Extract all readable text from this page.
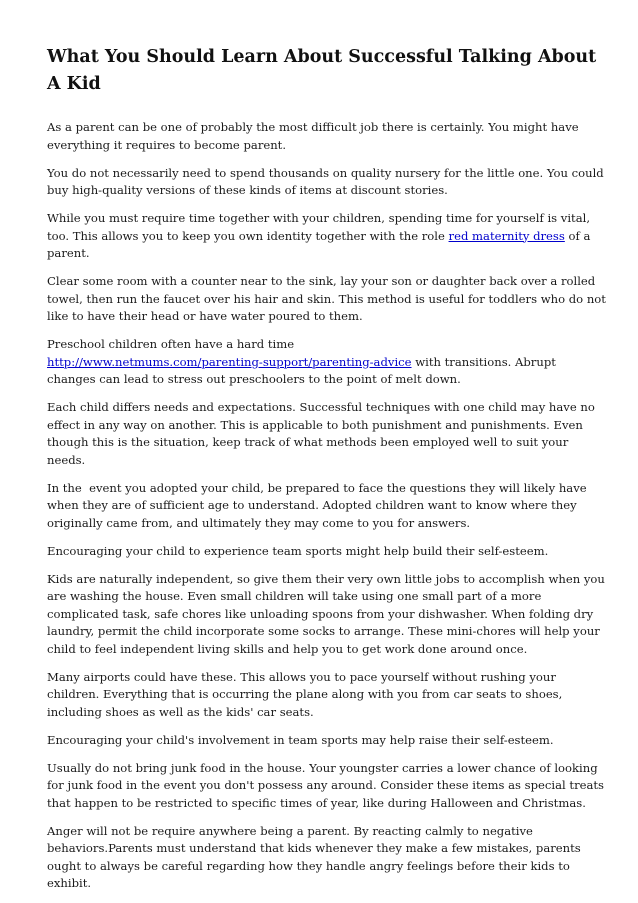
What You Should Learn About Successful Talking About A Kid

As a parent can be one of probably the most difficult job there is certainly. You might have everything it requires to become parent.

You do not necessarily need to spend thousands on quality nursery for the little one. You could buy high-quality versions of these kinds of items at discount stories.

While you must require time together with your children, spending time for yourself is vital, too. This allows you to keep you own identity together with the role red maternity dress of a parent.

Clear some room with a counter near to the sink, lay your son or daughter back over a rolled towel, then run the faucet over his hair and skin. This method is useful for toddlers who do not like to have their head or have water poured to them.

Preschool children often have a hard time
http://www.netmums.com/parenting-support/parenting-advice with transitions. Abrupt changes can lead to stress out preschoolers to the point of melt down.

Each child differs needs and expectations. Successful techniques with one child may have no effect in any way on another. This is applicable to both punishment and punishments. Even though this is the situation, keep track of what methods been employed well to suit your needs.

In the  event you adopted your child, be prepared to face the questions they will likely have when they are of sufficient age to understand. Adopted children want to know where they originally came from, and ultimately they may come to you for answers.

Encouraging your child to experience team sports might help build their self-esteem.

Kids are naturally independent, so give them their very own little jobs to accomplish when you are washing the house. Even small children will take using one small part of a more complicated task, safe chores like unloading spoons from your dishwasher. When folding dry laundry, permit the child incorporate some socks to arrange. These mini-chores will help your child to feel independent living skills and help you to get work done around once.

Many airports could have these. This allows you to pace yourself without rushing your children. Everything that is occurring the plane along with you from car seats to shoes, including shoes as well as the kids' car seats.

Encouraging your child's involvement in team sports may help raise their self-esteem.

Usually do not bring junk food in the house. Your youngster carries a lower chance of looking for junk food in the event you don't possess any around. Consider these items as special treats that happen to be restricted to specific times of year, like during Halloween and Christmas.

Anger will not be require anywhere being a parent. By reacting calmly to negative behaviors.Parents must understand that kids whenever they make a few mistakes, parents ought to always be careful regarding how they handle angry feelings before their kids to exhibit.
